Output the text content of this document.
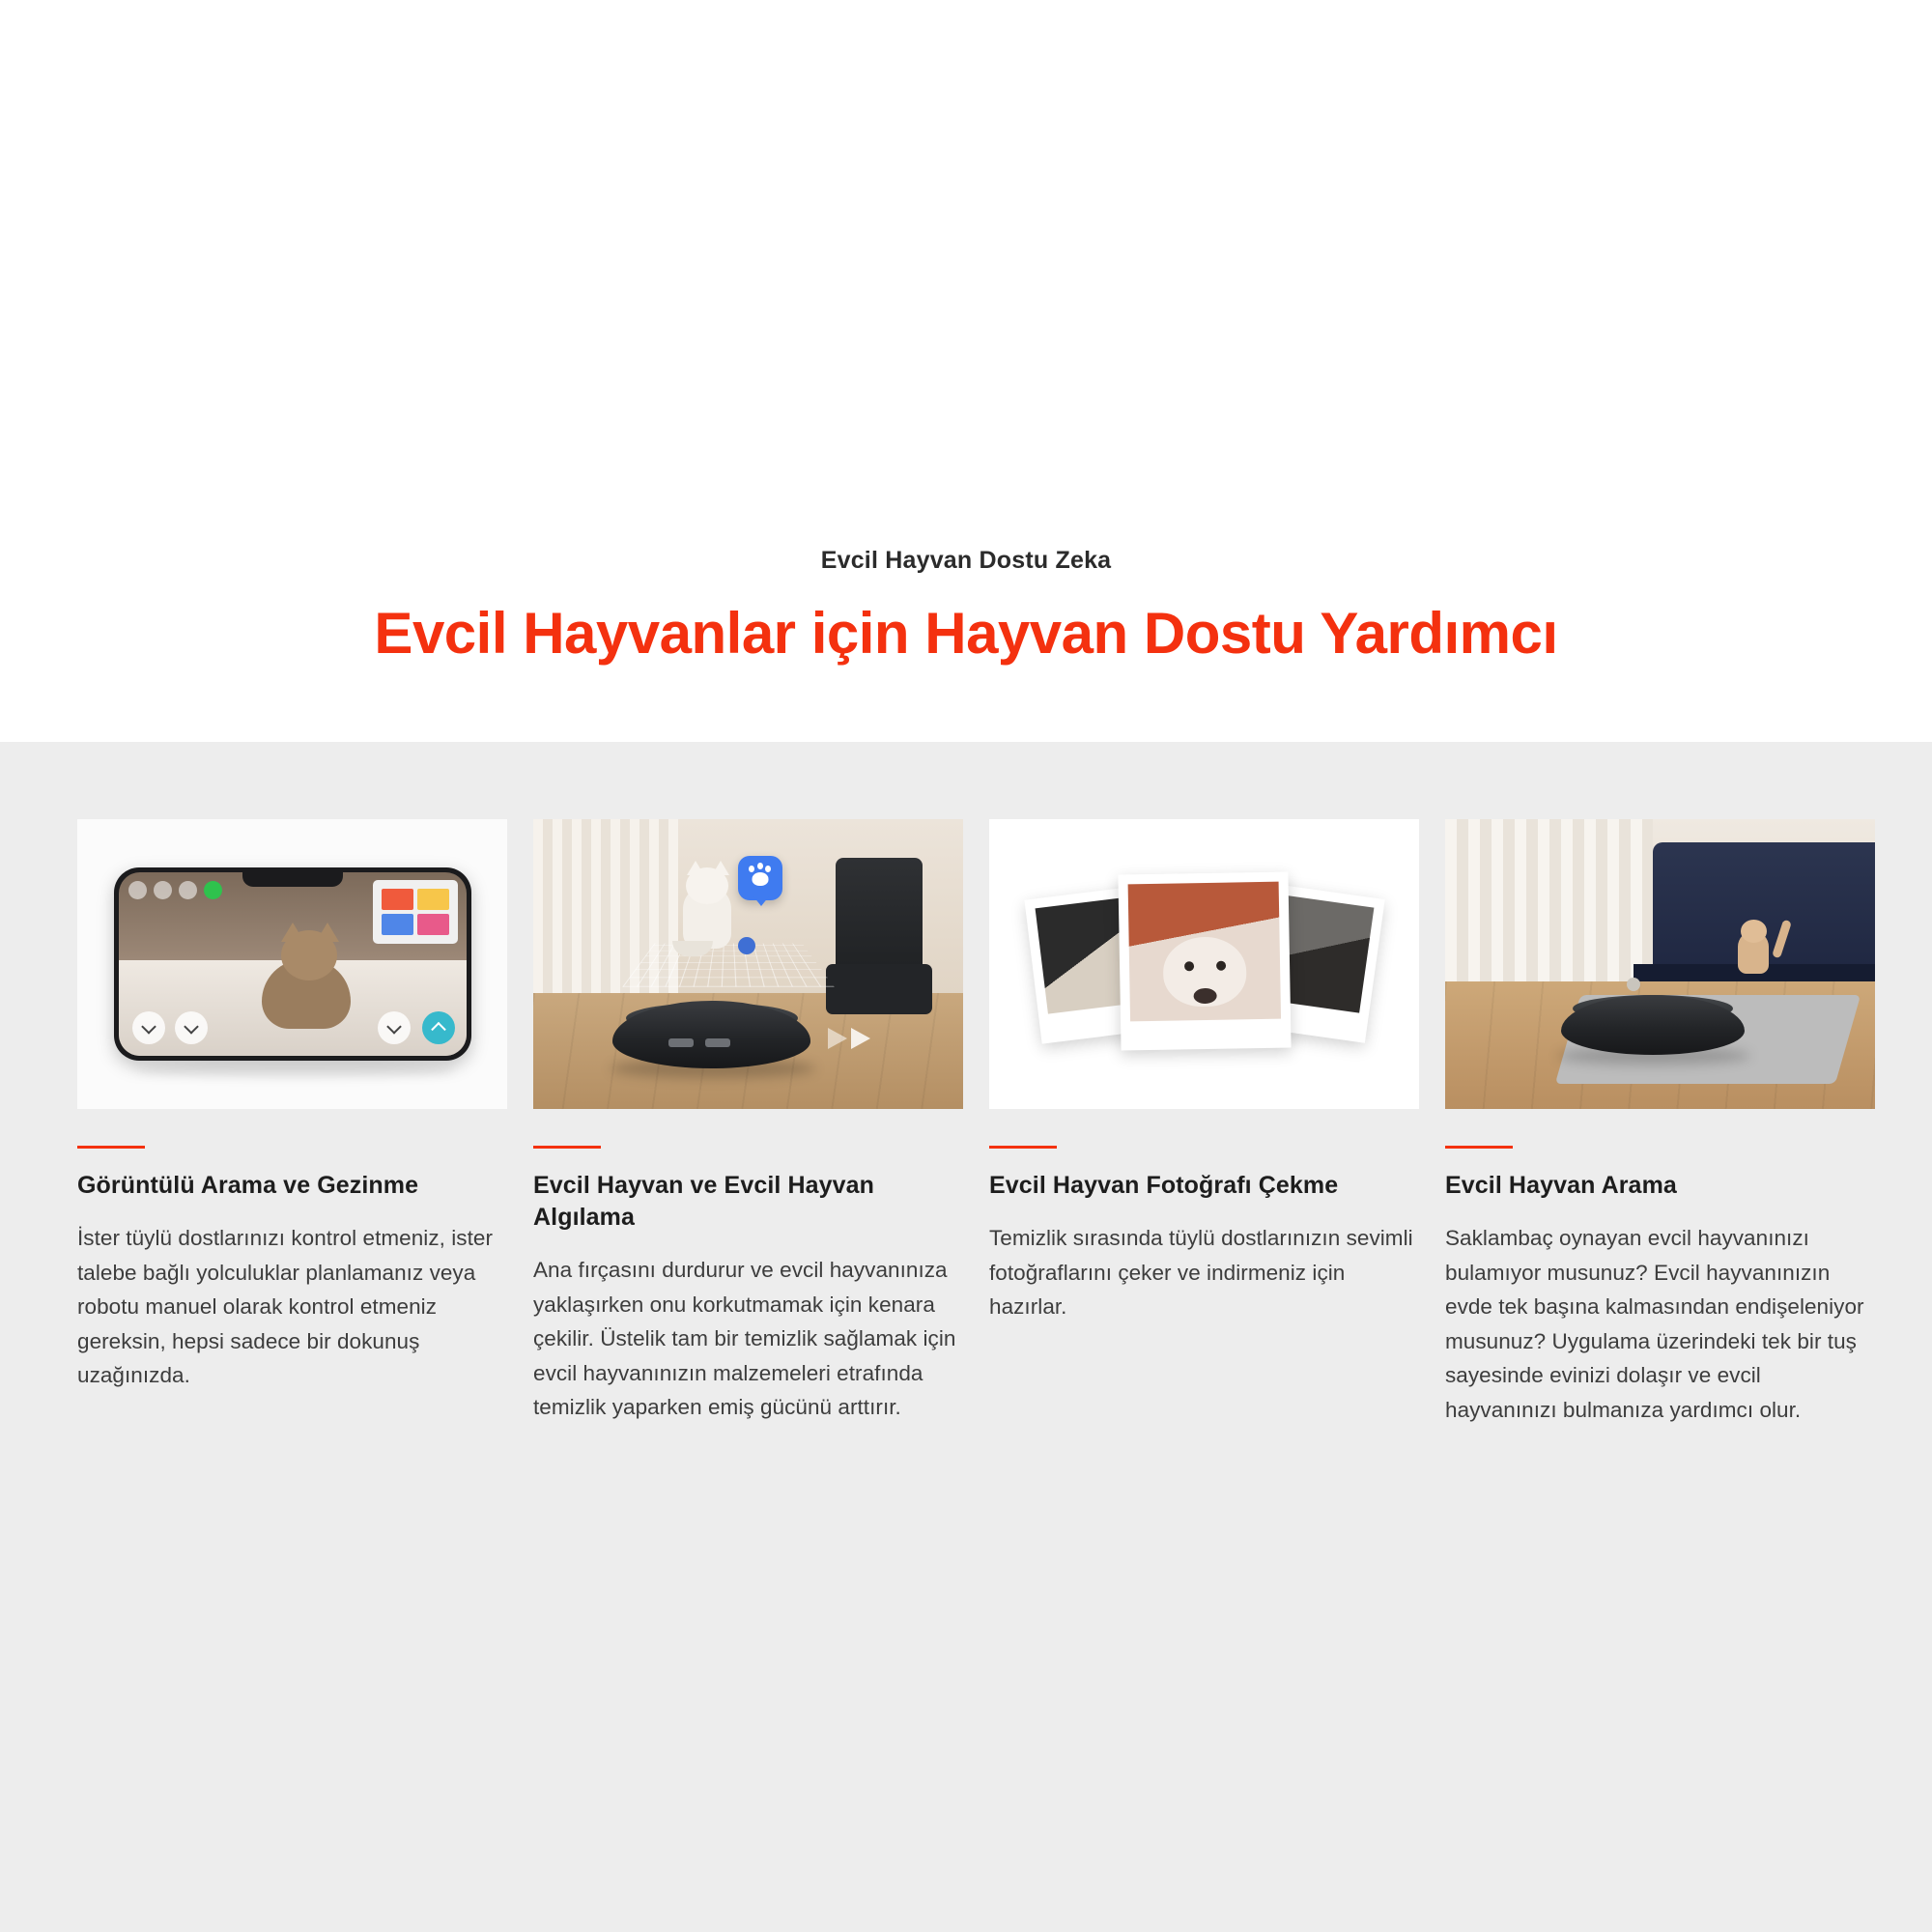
Evcil Hayvan Dostu Zeka
Evcil Hayvanlar için Hayvan Dostu Yardımcı
Görüntülü Arama ve Gezinme
İster tüylü dostlarınızı kontrol etmeniz, ister talebe bağlı yolculuklar planlamanız veya robotu manuel olarak kontrol etmeniz gereksin, hepsi sadece bir dokunuş uzağınızda.
Evcil Hayvan ve Evcil Hayvan Algılama
Ana fırçasını durdurur ve evcil hayvanınıza yaklaşırken onu korkutmamak için kenara çekilir. Üstelik tam bir temizlik sağlamak için evcil hayvanınızın malzemeleri etrafında temizlik yaparken emiş gücünü arttırır.
Evcil Hayvan Fotoğrafı Çekme
Temizlik sırasında tüylü dostlarınızın sevimli fotoğraflarını çeker ve indirmeniz için hazırlar.
Evcil Hayvan Arama
Saklambaç oynayan evcil hayvanınızı bulamıyor musunuz? Evcil hayvanınızın evde tek başına kalmasından endişeleniyor musunuz? Uygulama üzerindeki tek bir tuş sayesinde evinizi dolaşır ve evcil hayvanınızı bulmanıza yardımcı olur.
